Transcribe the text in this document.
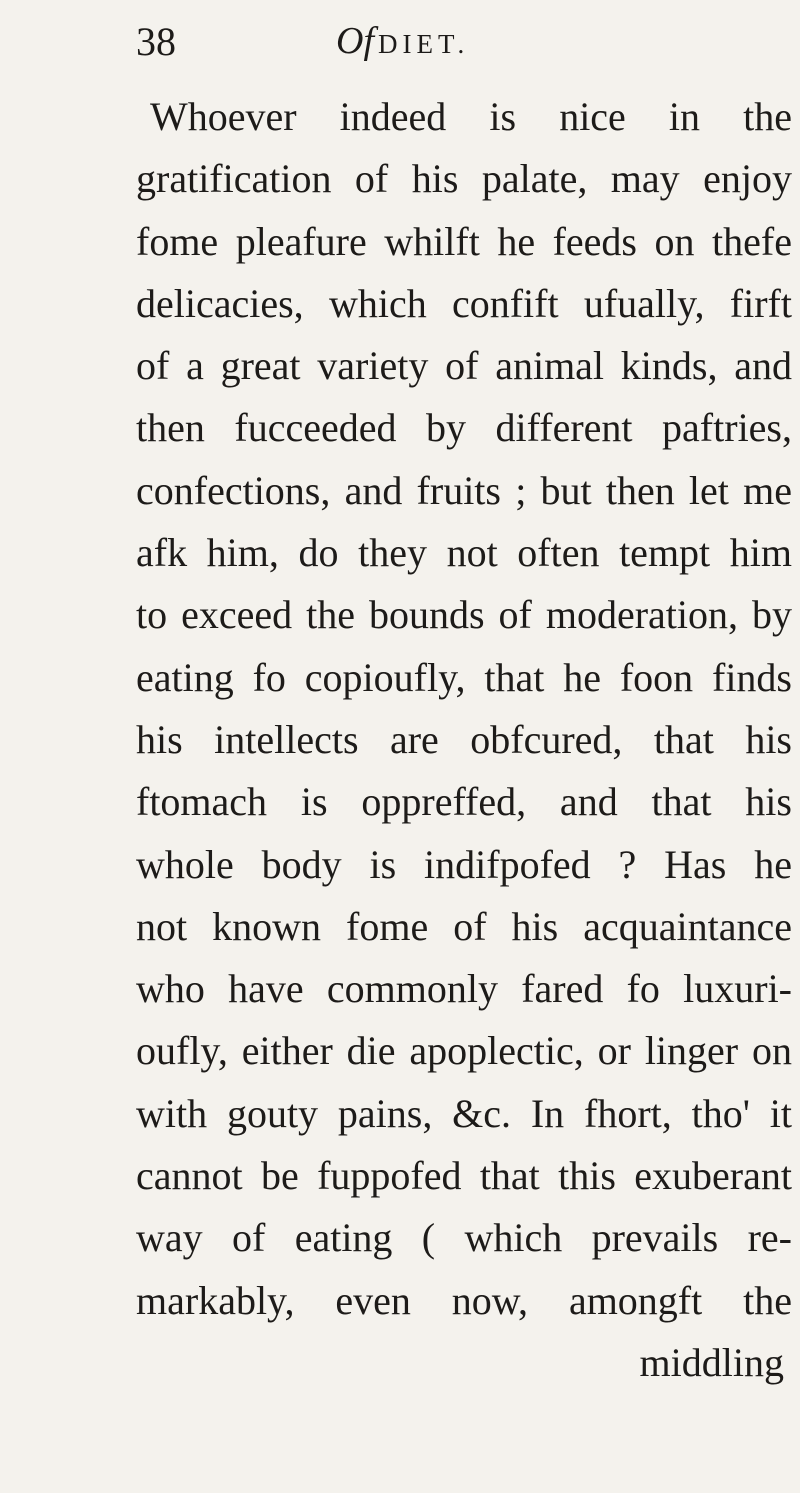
38	Of DIET.
Whoever indeed is nice in the
gratification of his palate, may enjoy
fome pleafure whilft he feeds on thefe
delicacies, which confift ufually, firft
of a great variety of animal kinds, and
then fucceeded by different paftries,
confections, and fruits ; but then let me
afk him, do they not often tempt him
to exceed the bounds of moderation, by
eating fo copioufly, that he foon finds
his intellects are obfcured, that his
ftomach is oppreffed, and that his
whole body is indifpofed ? Has he
not known fome of his acquaintance
who have commonly fared fo luxuri-
oufly, either die apoplectic, or linger on
with gouty pains, &c. In fhort, tho' it
cannot be fuppofed that this exuberant
way of eating ( which prevails re-
markably, even now, amongft the
middling
